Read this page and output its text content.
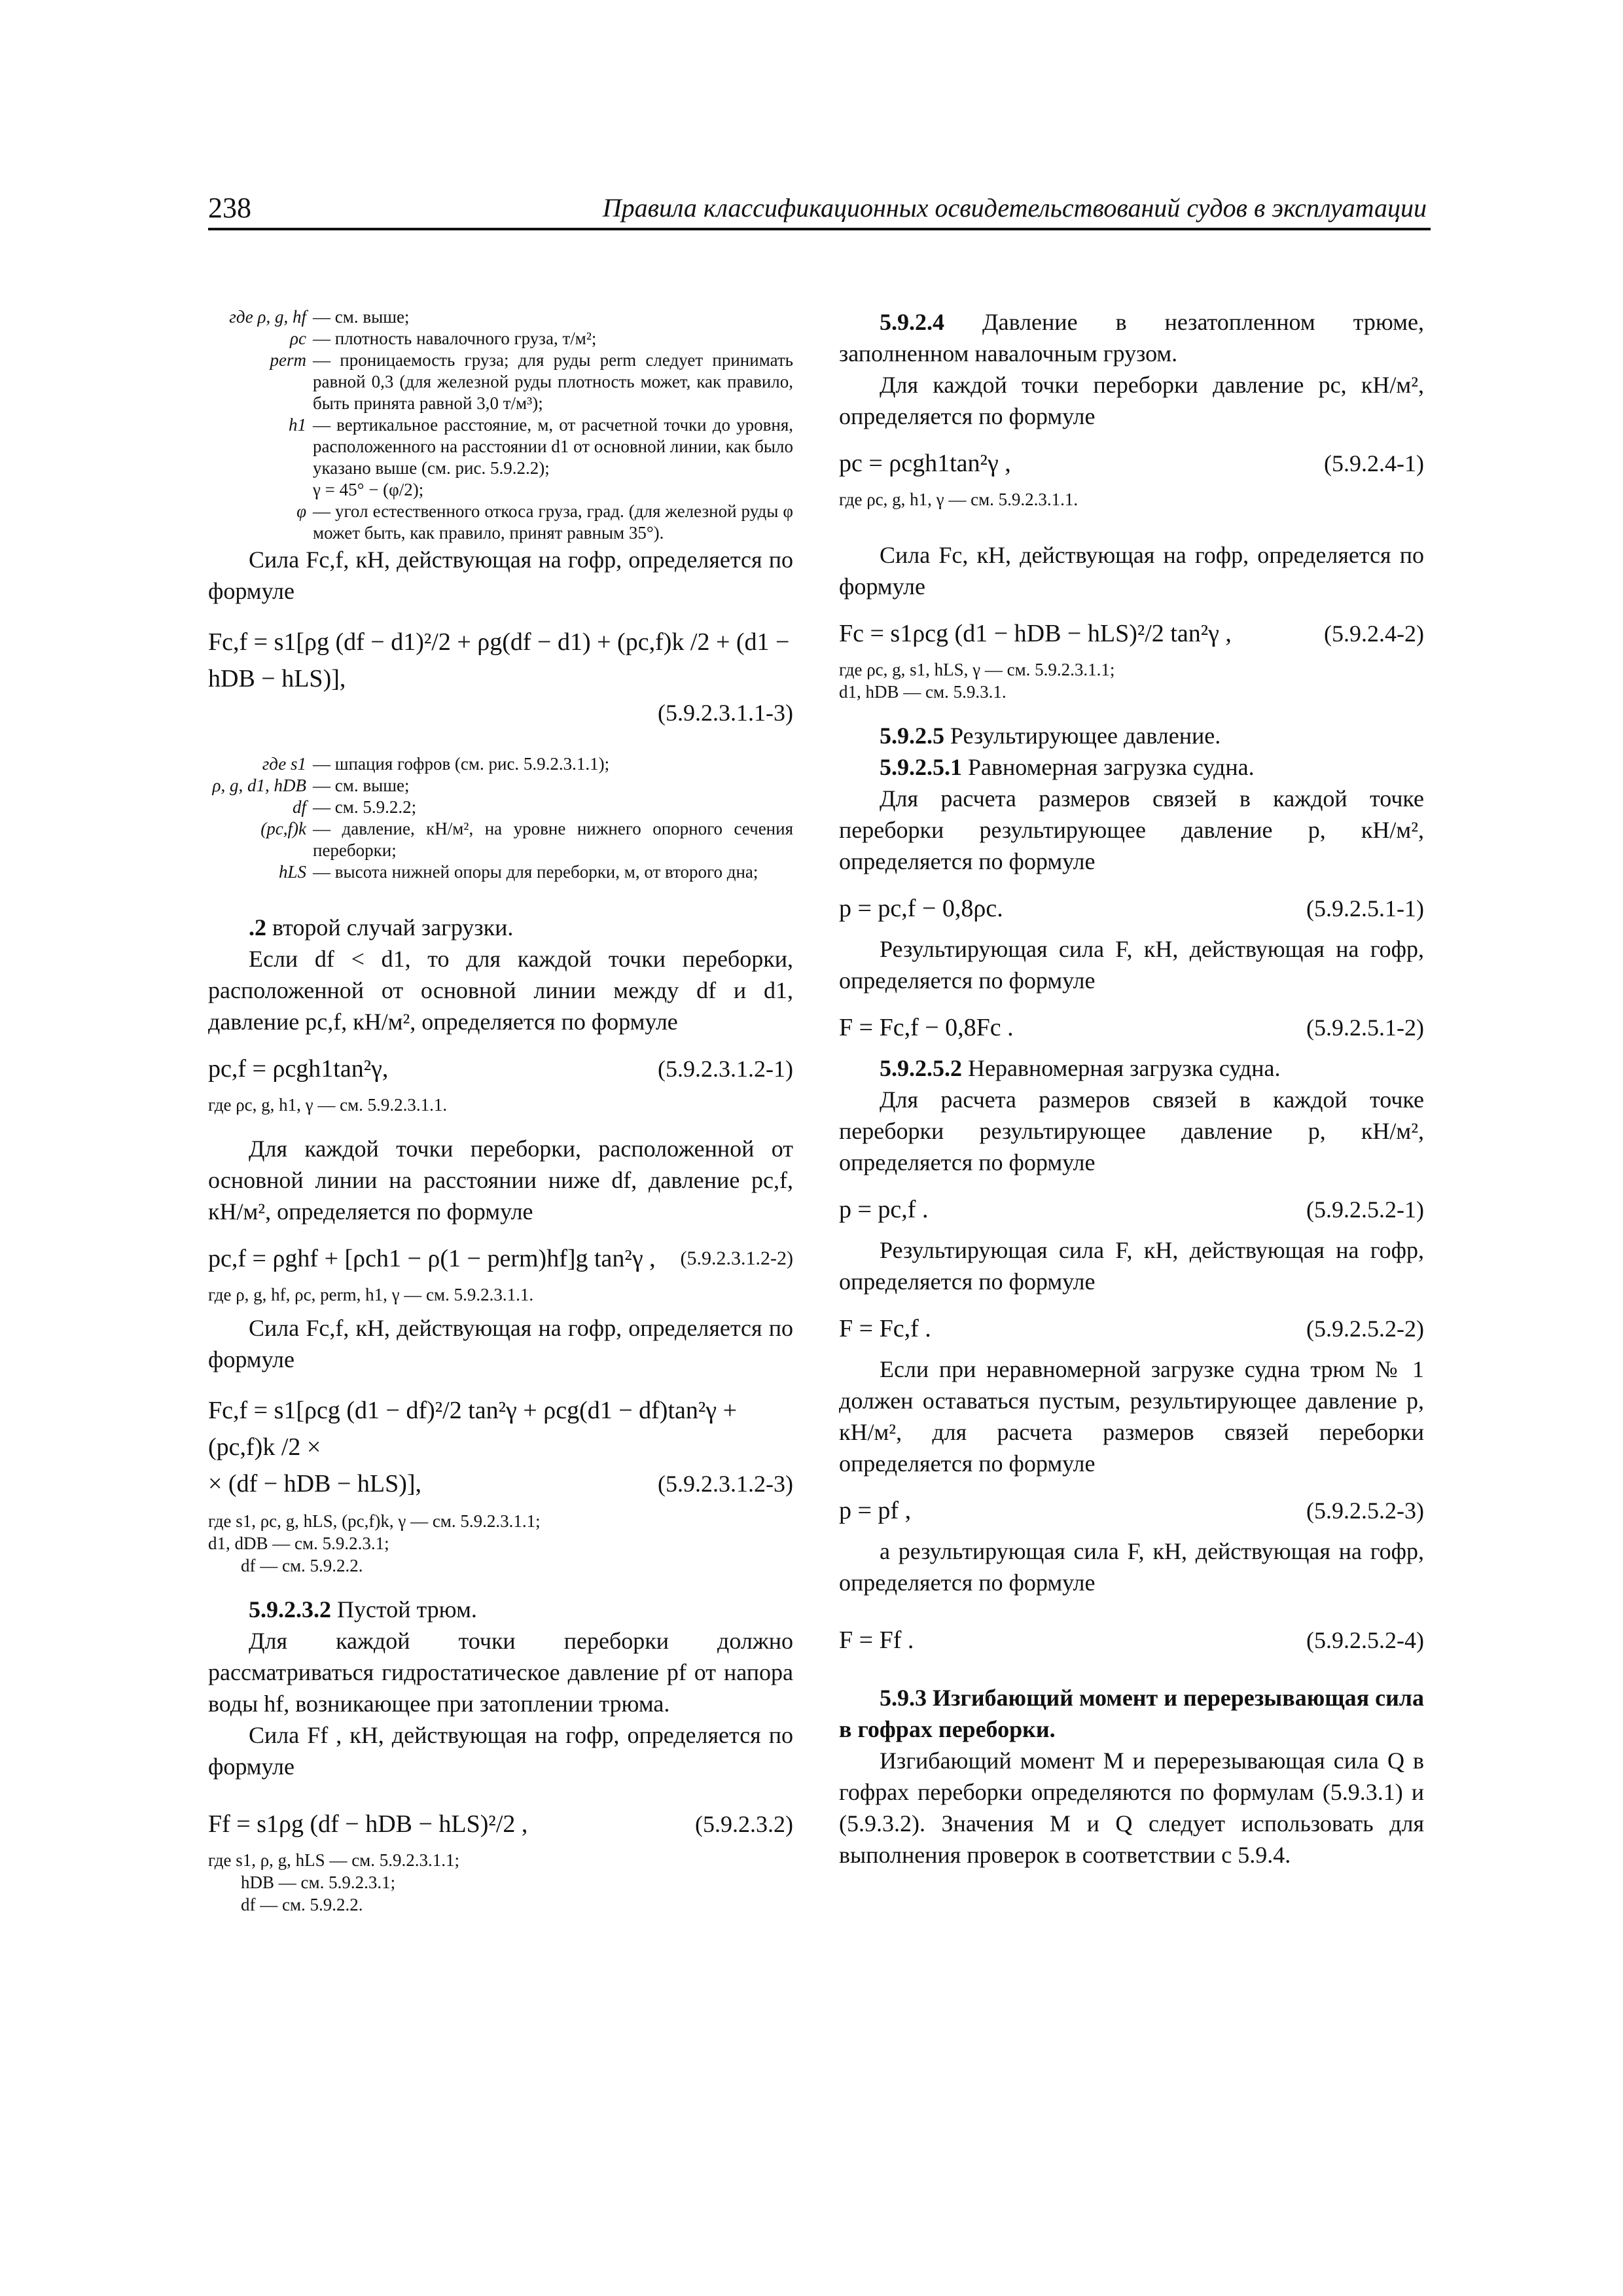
238	Правила классификационных освидетельствований судов в эксплуатации
где ρ, g, hf — см. выше;
ρc — плотность навалочного груза, т/м²;
perm — проницаемость груза; для руды perm следует принимать равной 0,3 (для железной руды плотность может, как правило, быть принята равной 3,0 т/м³);
h1 — вертикальное расстояние, м, от расчетной точки до уровня, расположенного на расстоянии d1 от основной линии, как было указано выше (см. рис. 5.9.2.2);
γ = 45° − (φ/2);
φ — угол естественного откоса груза, град. (для железной руды φ может быть, как правило, принят равным 35°).

Сила Fc,f, кН, действующая на гофр, определяется по формуле

Fc,f = s1[ρg (df − d1)²/2 + ρg(df − d1) + (pc,f)k /2 + (d1 − hDB − hLS)],
(5.9.2.3.1.1-3)
где s1 — шпация гофров (см. рис. 5.9.2.3.1.1);
ρ, g, d1, hDB — см. выше;
df — см. 5.9.2.2;
(pc,f)k — давление, кН/м², на уровне нижнего опорного сечения переборки;
hLS — высота нижней опоры для переборки, м, от второго дна;

.2 второй случай загрузки.

Если df < d1, то для каждой точки переборки, расположенной от основной линии между df и d1, давление pc,f, кН/м², определяется по формуле

pc,f = ρcgh1tan²γ,	(5.9.2.3.1.2-1)

где ρc, g, h1, γ — см. 5.9.2.3.1.1.

Для каждой точки переборки, расположенной от основной линии на расстоянии ниже df, давление pc,f, кН/м², определяется по формуле

pc,f = ρghf + [ρch1 − ρ(1 − perm)hf]g tan²γ , (5.9.2.3.1.2-2)

где ρ, g, hf, ρc, perm, h1, γ — см. 5.9.2.3.1.1.

Сила Fc,f, кН, действующая на гофр, определяется по формуле

Fc,f = s1[ρcg (d1 − df)²/2 tan²γ + ρcg(d1 − df)tan²γ + (pc,f)k /2 ×
× (df − hDB − hLS)],	(5.9.2.3.1.2-3)

где s1, ρc, g, hLS, (pc,f)k, γ — см. 5.9.2.3.1.1;

d1, dDB — см. 5.9.2.3.1;

df — см. 5.9.2.2.

5.9.2.3.2 Пустой трюм.

Для каждой точки переборки должно рассматриваться гидростатическое давление pf от напора воды hf, возникающее при затоплении трюма.

Сила Ff , кН, действующая на гофр, определяется по формуле

Ff = s1ρg (df − hDB − hLS)²/2 ,	(5.9.2.3.2)

где s1, ρ, g, hLS — см. 5.9.2.3.1.1;

hDB — см. 5.9.2.3.1;

df — см. 5.9.2.2.

5.9.2.4 Давление в незатопленном трюме, заполненном навалочным грузом.

Для каждой точки переборки давление pc, кН/м², определяется по формуле

pc = ρcgh1tan²γ ,	(5.9.2.4-1)

где ρc, g, h1, γ — см. 5.9.2.3.1.1.

Сила Fc, кН, действующая на гофр, определяется по формуле

Fc = s1ρcg (d1 − hDB − hLS)²/2 tan²γ ,	(5.9.2.4-2)

где ρc, g, s1, hLS, γ — см. 5.9.2.3.1.1;

d1, hDB — см. 5.9.3.1.

5.9.2.5 Результирующее давление.

5.9.2.5.1 Равномерная загрузка судна.

Для расчета размеров связей в каждой точке переборки результирующее давление p, кН/м², определяется по формуле

p = pc,f − 0,8ρc.	(5.9.2.5.1-1)

Результирующая сила F, кН, действующая на гофр, определяется по формуле

F = Fc,f − 0,8Fc .	(5.9.2.5.1-2)

5.9.2.5.2 Неравномерная загрузка судна.

Для расчета размеров связей в каждой точке переборки результирующее давление p, кН/м², определяется по формуле

p = pc,f .	(5.9.2.5.2-1)

Результирующая сила F, кН, действующая на гофр, определяется по формуле

F = Fc,f .	(5.9.2.5.2-2)

Если при неравномерной загрузке судна трюм № 1 должен оставаться пустым, результирующее давление p, кН/м², для расчета размеров связей переборки определяется по формуле

p = pf ,	(5.9.2.5.2-3)

а результирующая сила F, кН, действующая на гофр, определяется по формуле

F = Ff .	(5.9.2.5.2-4)

5.9.3 Изгибающий момент и перерезывающая сила в гофрах переборки.

Изгибающий момент M и перерезывающая сила Q в гофрах переборки определяются по формулам (5.9.3.1) и (5.9.3.2). Значения M и Q следует использовать для выполнения проверок в соответствии с 5.9.4.
